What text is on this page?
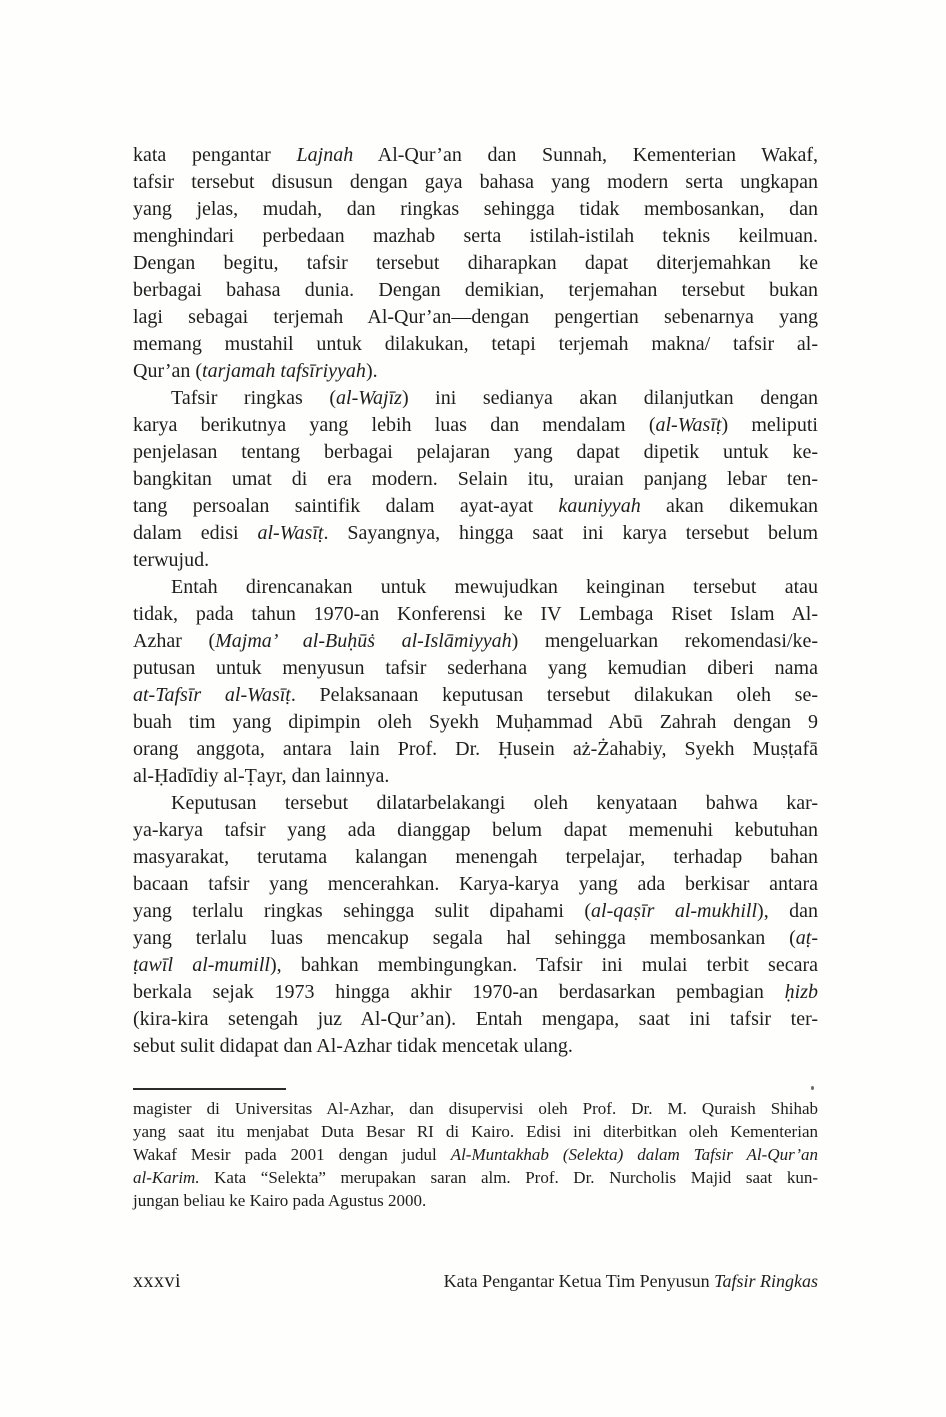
kata pengantar Lajnah Al-Qur’an dan Sunnah, Kementerian Wakaf,
tafsir tersebut disusun dengan gaya bahasa yang modern serta ungkapan
yang jelas, mudah, dan ringkas sehingga tidak membosankan, dan
menghindari perbedaan mazhab serta istilah-istilah teknis keilmuan.
Dengan begitu, tafsir tersebut diharapkan dapat diterjemahkan ke
berbagai bahasa dunia. Dengan demikian, terjemahan tersebut bukan
lagi sebagai terjemah Al-Qur’an—dengan pengertian sebenarnya yang
memang mustahil untuk dilakukan, tetapi terjemah makna/ tafsir al-
Qur’an (tarjamah tafsīriyyah).
Tafsir ringkas (al-Wajīz) ini sedianya akan dilanjutkan dengan
karya berikutnya yang lebih luas dan mendalam (al-Wasīṭ) meliputi
penjelasan tentang berbagai pelajaran yang dapat dipetik untuk ke-
bangkitan umat di era modern. Selain itu, uraian panjang lebar ten-
tang persoalan saintifik dalam ayat-ayat kauniyyah akan dikemukan
dalam edisi al-Wasīṭ. Sayangnya, hingga saat ini karya tersebut belum
terwujud.
Entah direncanakan untuk mewujudkan keinginan tersebut atau
tidak, pada tahun 1970-an Konferensi ke IV Lembaga Riset Islam Al-
Azhar (Majma’ al-Buḥūṡ al-Islāmiyyah) mengeluarkan rekomendasi/ke-
putusan untuk menyusun tafsir sederhana yang kemudian diberi nama
at-Tafsīr al-Wasīṭ. Pelaksanaan keputusan tersebut dilakukan oleh se-
buah tim yang dipimpin oleh Syekh Muḥammad Abū Zahrah dengan 9
orang anggota, antara lain Prof. Dr. Ḥusein aż-Żahabiy, Syekh Muṣṭafā
al-Ḥadīdiy al-Ṭayr, dan lainnya.
Keputusan tersebut dilatarbelakangi oleh kenyataan bahwa kar-
ya-karya tafsir yang ada dianggap belum dapat memenuhi kebutuhan
masyarakat, terutama kalangan menengah terpelajar, terhadap bahan
bacaan tafsir yang mencerahkan. Karya-karya yang ada berkisar antara
yang terlalu ringkas sehingga sulit dipahami (al-qaṣīr al-mukhill), dan
yang terlalu luas mencakup segala hal sehingga membosankan (aṭ-
ṭawīl al-mumill), bahkan membingungkan. Tafsir ini mulai terbit secara
berkala sejak 1973 hingga akhir 1970-an berdasarkan pembagian ḥizb
(kira-kira setengah juz Al-Qur’an). Entah mengapa, saat ini tafsir ter-
sebut sulit didapat dan Al-Azhar tidak mencetak ulang.
magister di Universitas Al-Azhar, dan disupervisi oleh Prof. Dr. M. Quraish Shihab
yang saat itu menjabat Duta Besar RI di Kairo. Edisi ini diterbitkan oleh Kementerian
Wakaf Mesir pada 2001 dengan judul Al-Muntakhab (Selekta) dalam Tafsir Al-Qur’an
al-Karim. Kata “Selekta” merupakan saran alm. Prof. Dr. Nurcholis Majid saat kun-
jungan beliau ke Kairo pada Agustus 2000.
xxxvi	Kata Pengantar Ketua Tim Penyusun Tafsir Ringkas
